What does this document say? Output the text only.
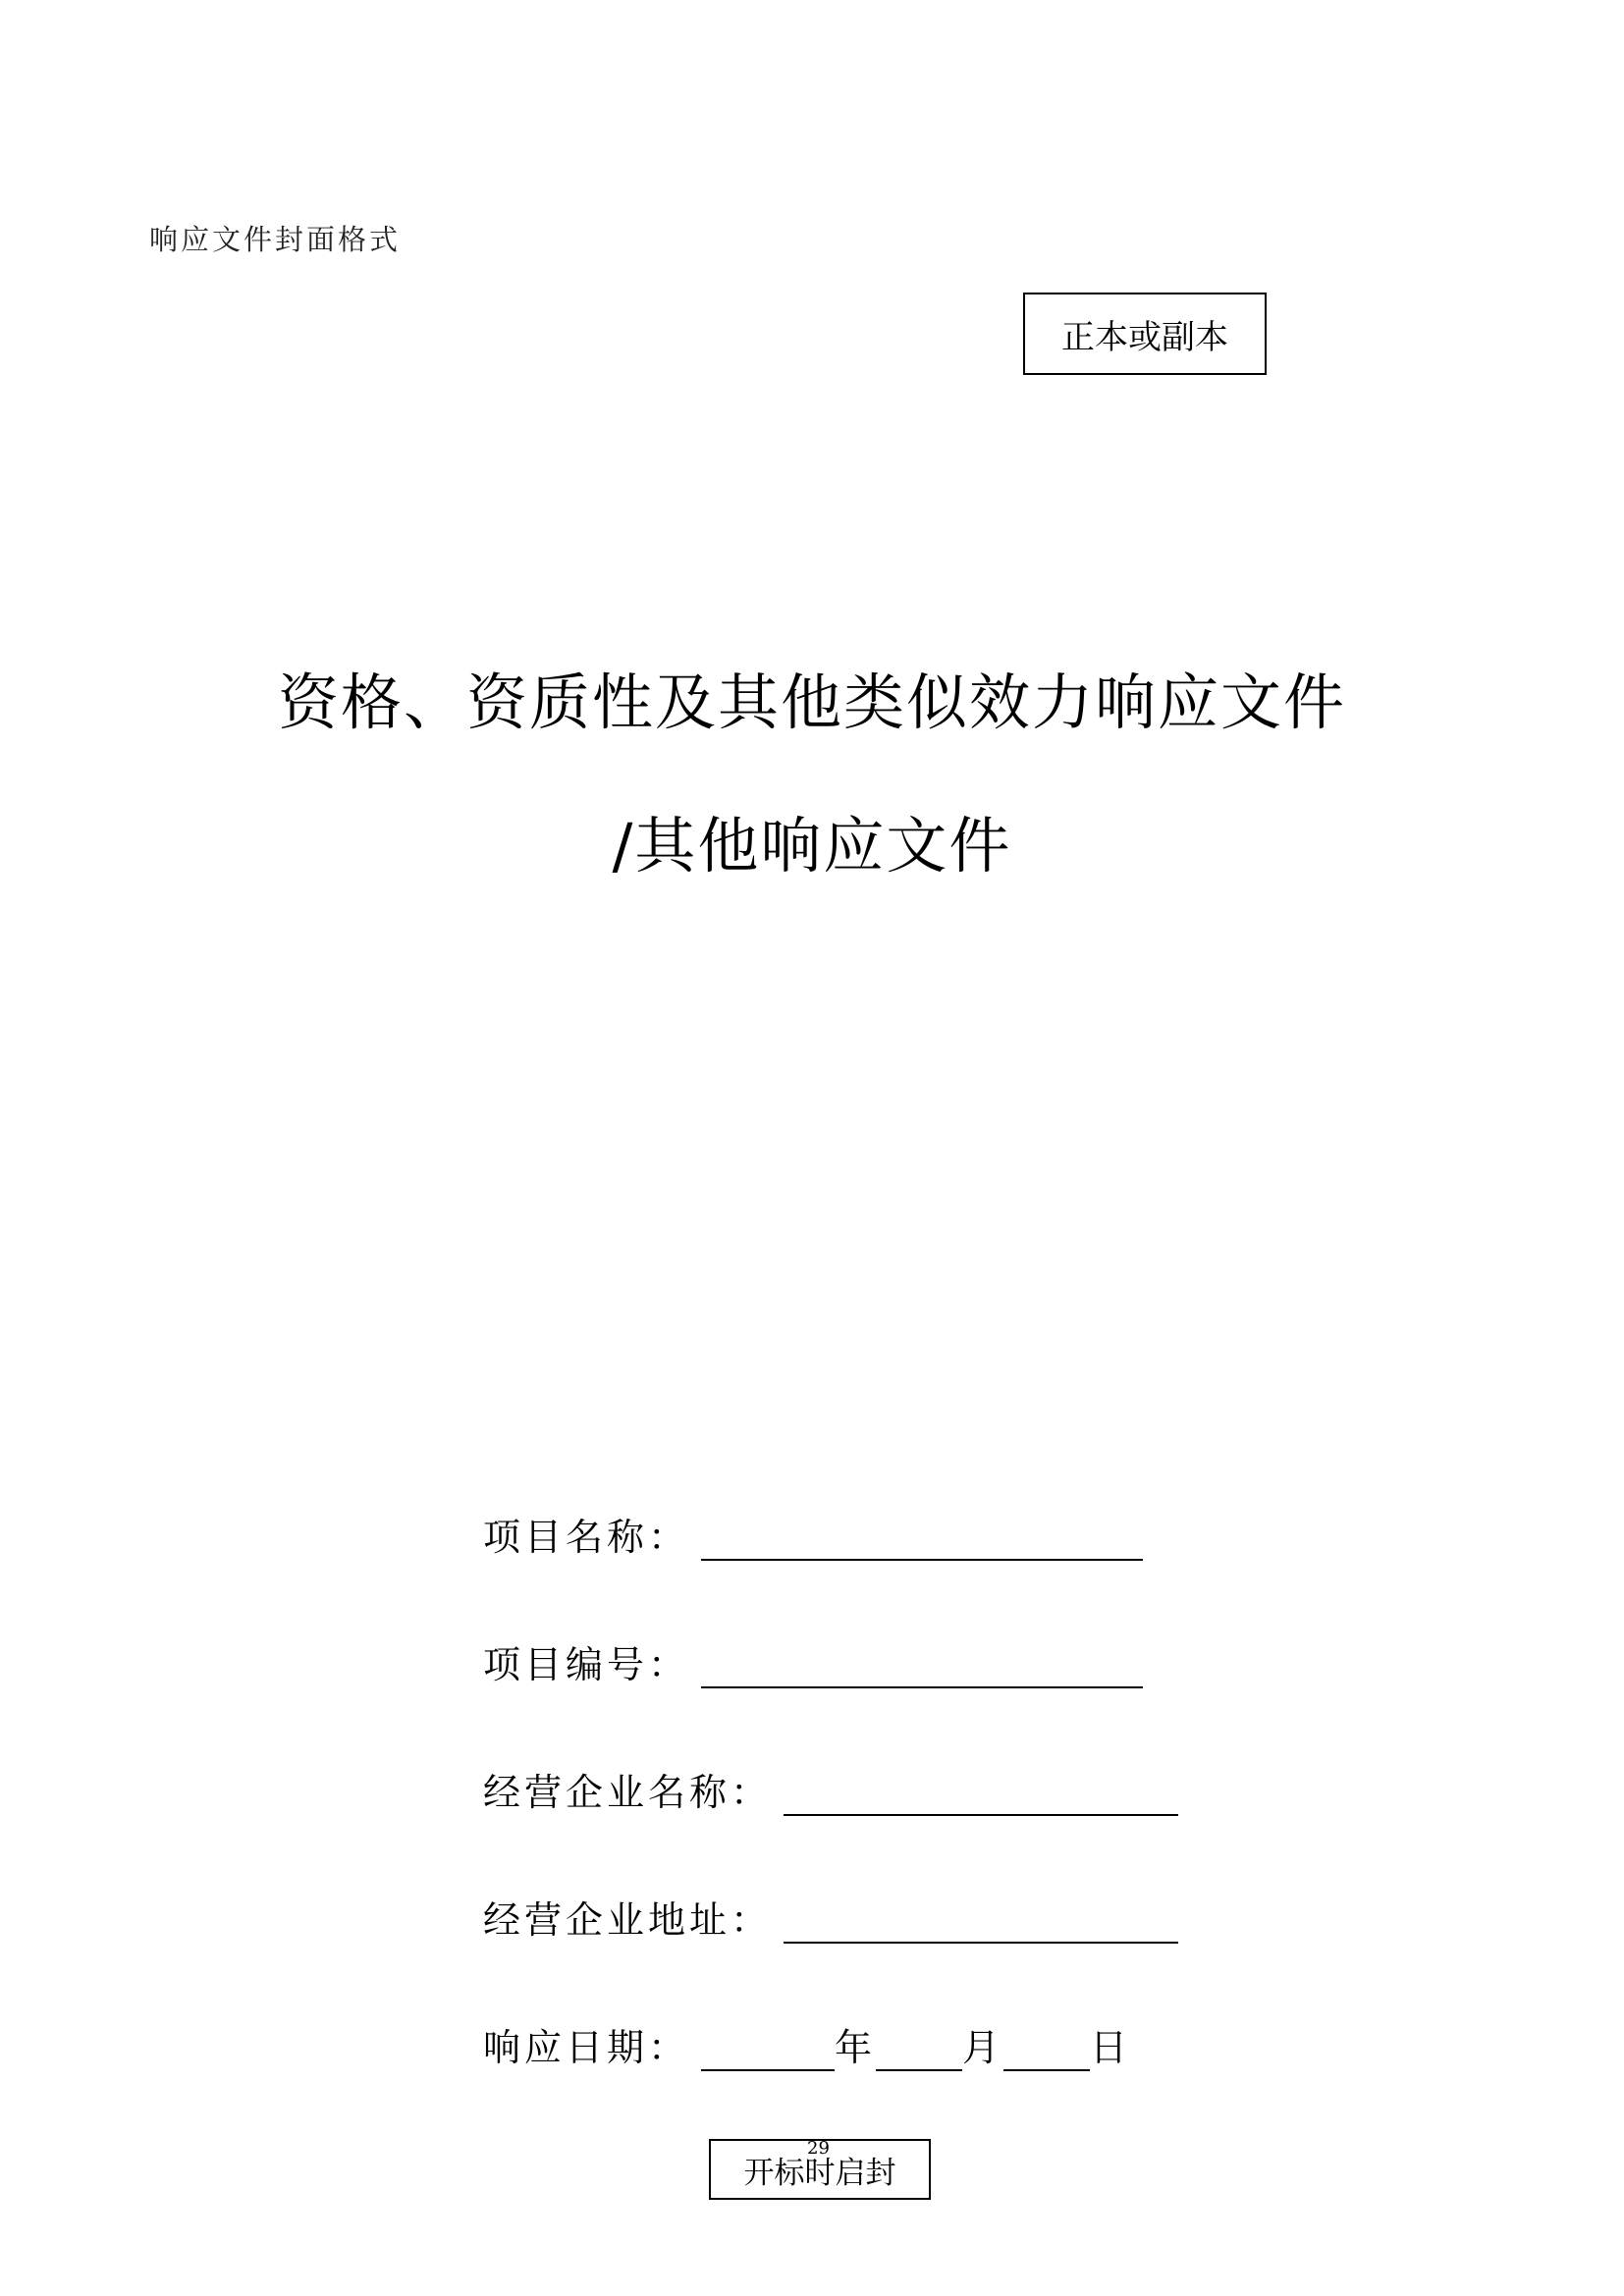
响应文件封面格式
正本或副本
资格、资质性及其他类似效力响应文件
/其他响应文件
项目名称：
项目编号：
经营企业名称：
经营企业地址：
响应日期：	年 月 日
开标时启封
29
